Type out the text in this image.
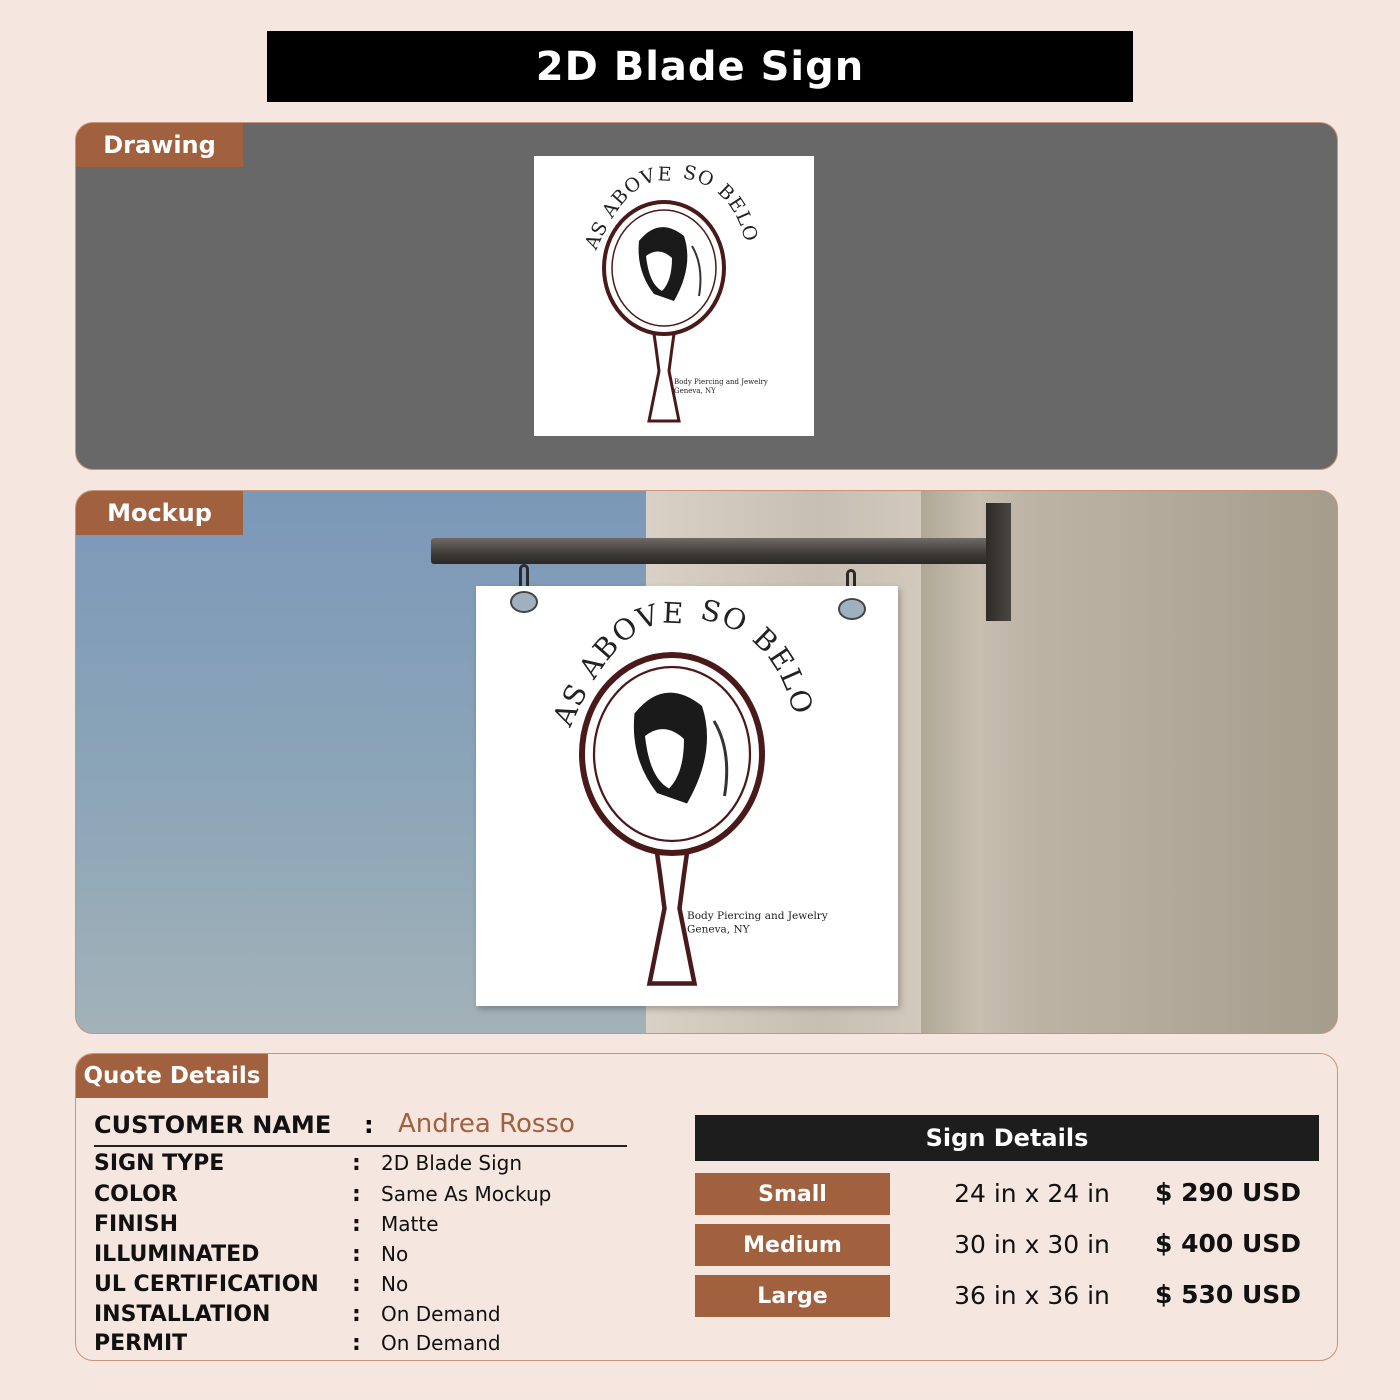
2D Blade Sign
Drawing
AS ABOVE SO BELO
Body Piercing and Jewelry
Geneva, NY
AS ABOVE SO BELO
Body Piercing and Jewelry
Geneva, NY
Mockup
Quote Details
CUSTOMER NAME : Andrea Rosso
SIGN TYPE	: 2D Blade Sign
COLOR	: Same As Mockup
FINISH	: Matte
ILLUMINATED	: No
UL CERTIFICATION : No
INSTALLATION	: On Demand
PERMIT	: On Demand
Sign Details
Small	24 in x 24 in	$ 290 USD
Medium	30 in x 30 in	$ 400 USD
Large	36 in x 36 in	$ 530 USD
